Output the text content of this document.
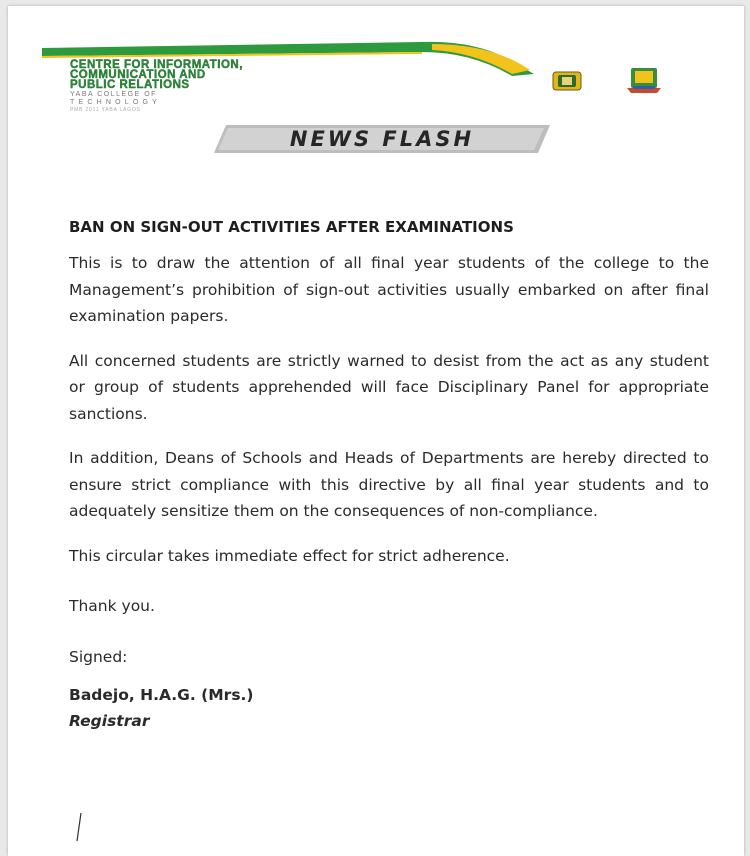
CENTRE FOR INFORMATION,
COMMUNICATION AND
PUBLIC RELATIONS
YABA COLLEGE OF
TECHNOLOGY
PMB 2011 YABA LAGOS
NEWS FLASH

BAN ON SIGN-OUT ACTIVITIES AFTER EXAMINATIONS

This is to draw the attention of all final year students of the college to the Management’s prohibition of sign-out activities usually embarked on after final examination papers.

All concerned students are strictly warned to desist from the act as any student or group of students apprehended will face Disciplinary Panel for appropriate sanctions.

In addition, Deans of Schools and Heads of Departments are hereby directed to ensure strict compliance with this directive by all final year students and to adequately sensitize them on the consequences of non-compliance.

This circular takes immediate effect for strict adherence.

Thank you.

Signed:

Badejo, H.A.G. (Mrs.)

Registrar
